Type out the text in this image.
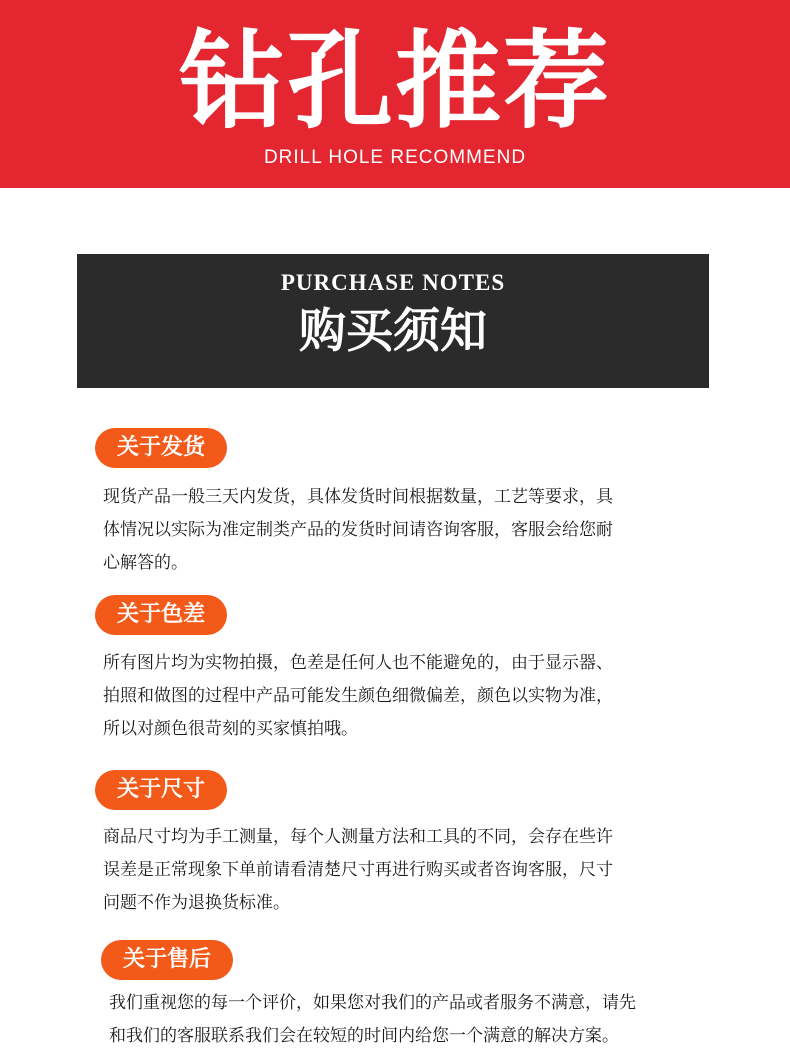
钻孔推荐
DRILL HOLE RECOMMEND
PURCHASE NOTES
购买须知
关于发货
现货产品一般三天内发货，具体发货时间根据数量，工艺等要求，具
体情况以实际为准定制类产品的发货时间请咨询客服，客服会给您耐
心解答的。
关于色差
所有图片均为实物拍摄，色差是任何人也不能避免的，由于显示器、
拍照和做图的过程中产品可能发生颜色细微偏差，颜色以实物为准，
所以对颜色很苛刻的买家慎拍哦。
关于尺寸
商品尺寸均为手工测量，每个人测量方法和工具的不同，会存在些许
误差是正常现象下单前请看清楚尺寸再进行购买或者咨询客服，尺寸
问题不作为退换货标准。
关于售后
我们重视您的每一个评价，如果您对我们的产品或者服务不满意，请先
和我们的客服联系我们会在较短的时间内给您一个满意的解决方案。
